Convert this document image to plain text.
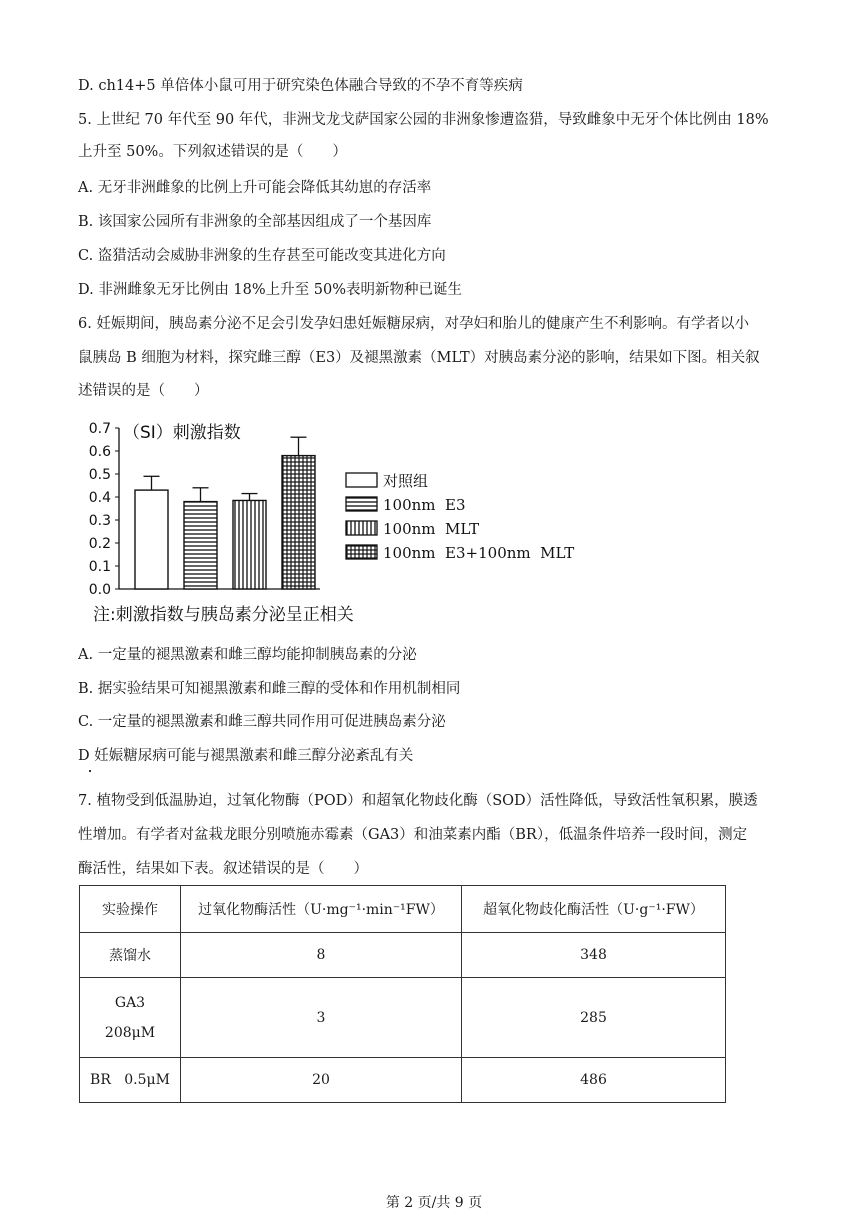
D. ch14+5 单倍体小鼠可用于研究染色体融合导致的不孕不育等疾病
5. 上世纪 70 年代至 90 年代，非洲戈龙戈萨国家公园的非洲象惨遭盗猎，导致雌象中无牙个体比例由 18%
上升至 50%。下列叙述错误的是（　　）
A. 无牙非洲雌象的比例上升可能会降低其幼崽的存活率
B. 该国家公园所有非洲象的全部基因组成了一个基因库
C. 盗猎活动会威胁非洲象的生存甚至可能改变其进化方向
D. 非洲雌象无牙比例由 18%上升至 50%表明新物种已诞生
6. 妊娠期间，胰岛素分泌不足会引发孕妇患妊娠糖尿病，对孕妇和胎儿的健康产生不利影响。有学者以小
鼠胰岛 B 细胞为材料，探究雌三醇（E3）及褪黑激素（MLT）对胰岛素分泌的影响，结果如下图。相关叙
述错误的是（　　）
（SI）刺激指数
0.0
0.1
0.2
0.3
0.4
0.5
0.6
0.7
对照组
100nm  E3
100nm  MLT
100nm  E3+100nm  MLT
注:刺激指数与胰岛素分泌呈正相关
A. 一定量的褪黑激素和雌三醇均能抑制胰岛素的分泌
B. 据实验结果可知褪黑激素和雌三醇的受体和作用机制相同
C. 一定量的褪黑激素和雌三醇共同作用可促进胰岛素分泌
D 妊娠糖尿病可能与褪黑激素和雌三醇分泌紊乱有关
7. 植物受到低温胁迫，过氧化物酶（POD）和超氧化物歧化酶（SOD）活性降低，导致活性氧积累，膜透
性增加。有学者对盆栽龙眼分别喷施赤霉素（GA3）和油菜素内酯（BR），低温条件培养一段时间，测定
酶活性，结果如下表。叙述错误的是（　　）
实验操作	过氧化物酶活性（U·mg⁻¹·min⁻¹FW）	超氧化物歧化酶活性（U·g⁻¹·FW）
蒸馏水	8	348

GA3
208μM	3	285
BR   0.5μM	20	486
第 2 页/共 9 页
